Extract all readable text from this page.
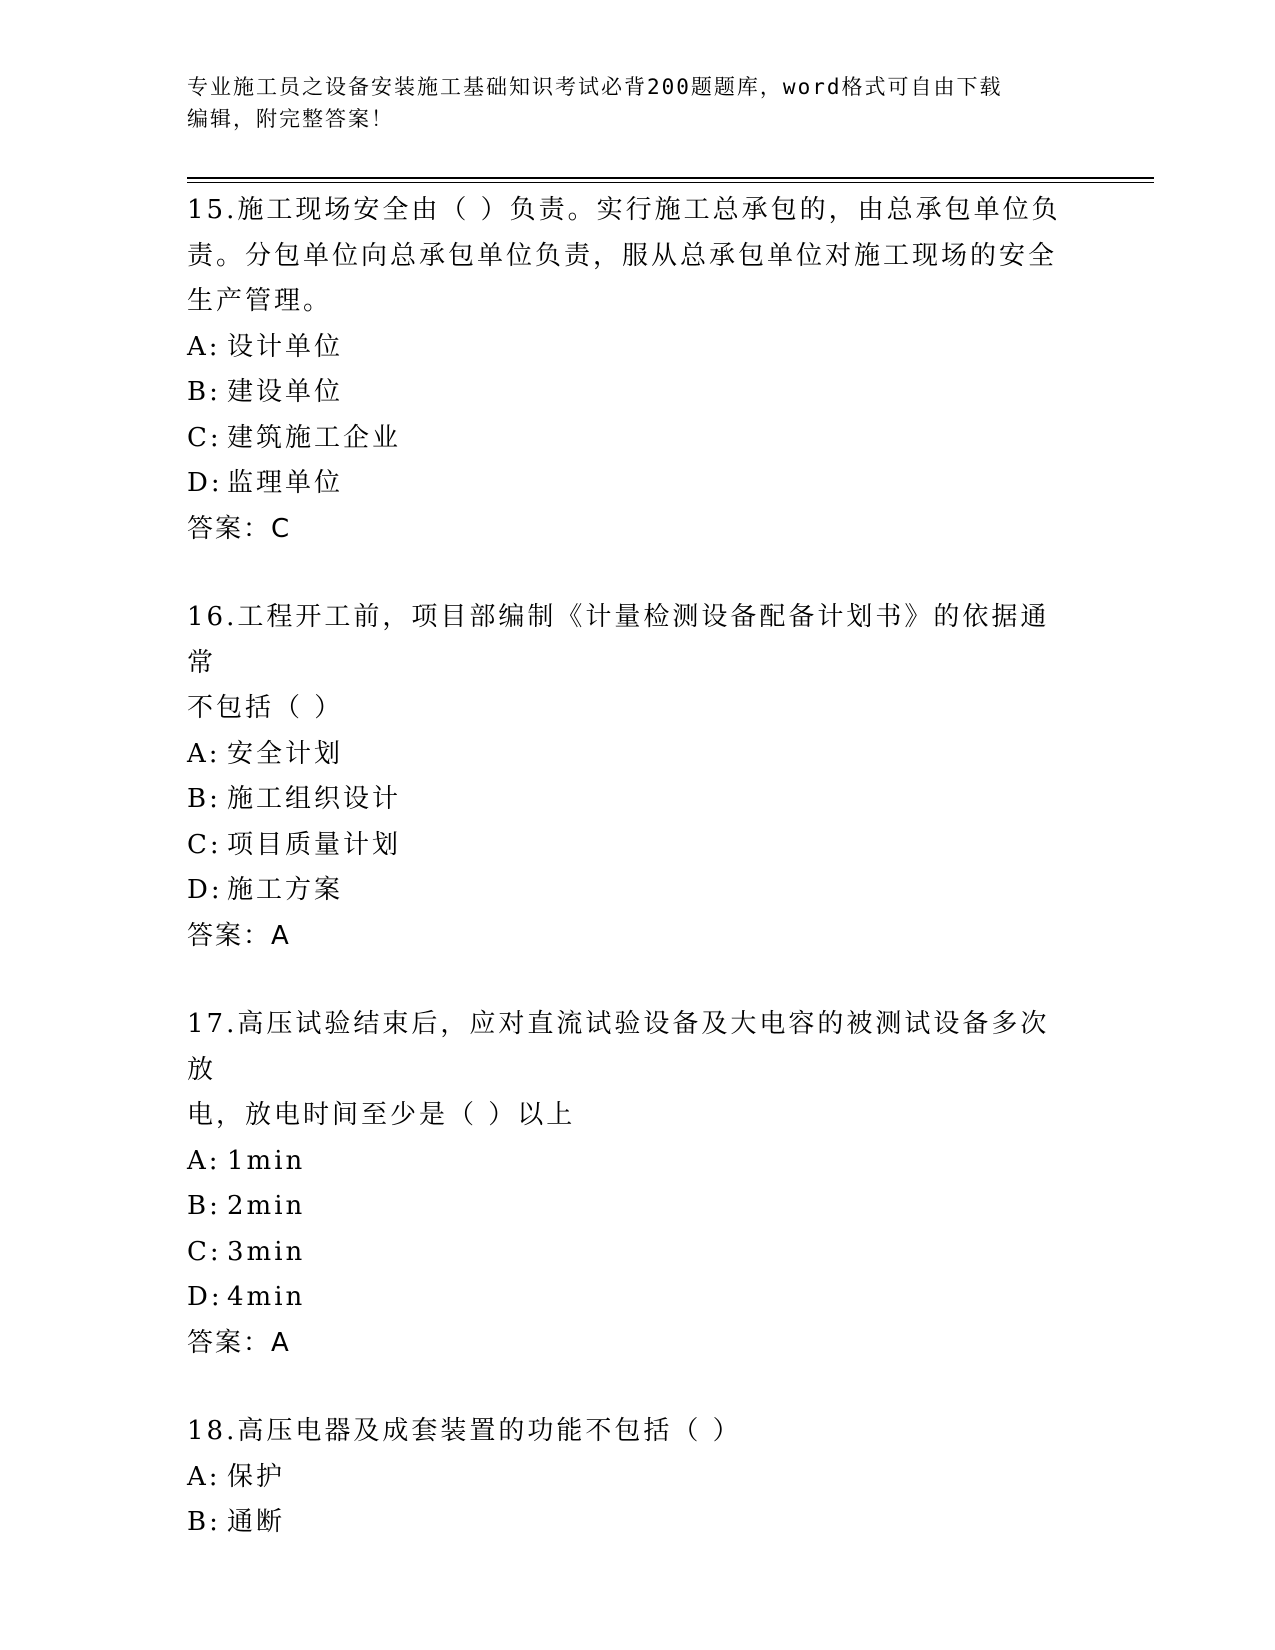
专业施工员之设备安装施工基础知识考试必背200题题库，word格式可自由下载
编辑，附完整答案！
15.施工现场安全由（ ）负责。实行施工总承包的，由总承包单位负
责。分包单位向总承包单位负责，服从总承包单位对施工现场的安全
生产管理。
A: 设计单位
B: 建设单位
C: 建筑施工企业
D: 监理单位
答案：C
16.工程开工前，项目部编制《计量检测设备配备计划书》的依据通常
不包括（ ）
A: 安全计划
B: 施工组织设计
C: 项目质量计划
D: 施工方案
答案：A
17.高压试验结束后，应对直流试验设备及大电容的被测试设备多次放
电，放电时间至少是（ ）以上
A: 1min
B: 2min
C: 3min
D: 4min
答案：A
18.高压电器及成套装置的功能不包括（ ）
A: 保护
B: 通断
